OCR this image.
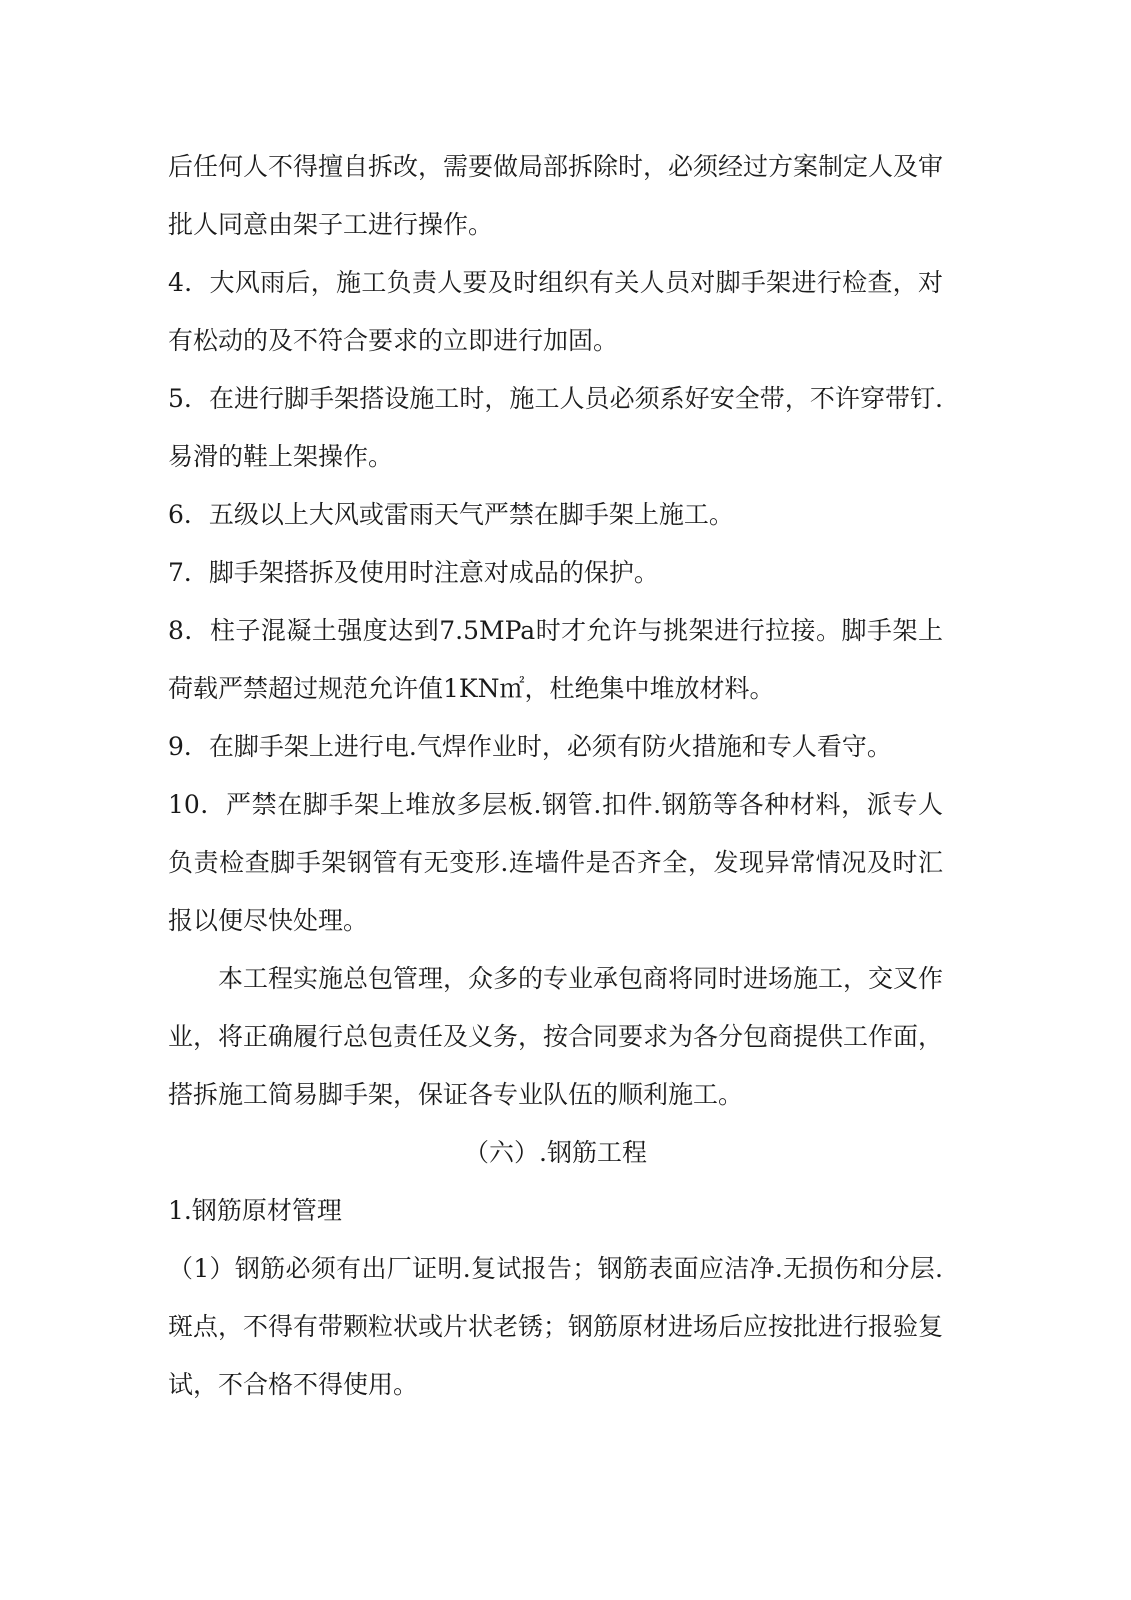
后任何人不得擅自拆改，需要做局部拆除时，必须经过方案制定人及审批人同意由架子工进行操作。

4．大风雨后，施工负责人要及时组织有关人员对脚手架进行检查，对有松动的及不符合要求的立即进行加固。

5．在进行脚手架搭设施工时，施工人员必须系好安全带，不许穿带钉.易滑的鞋上架操作。

6．五级以上大风或雷雨天气严禁在脚手架上施工。

7．脚手架搭拆及使用时注意对成品的保护。

8．柱子混凝土强度达到7.5MPa时才允许与挑架进行拉接。脚手架上荷载严禁超过规范允许值1KN㎡，杜绝集中堆放材料。

9．在脚手架上进行电.气焊作业时，必须有防火措施和专人看守。

10．严禁在脚手架上堆放多层板.钢管.扣件.钢筋等各种材料，派专人负责检查脚手架钢管有无变形.连墙件是否齐全，发现异常情况及时汇报以便尽快处理。

本工程实施总包管理，众多的专业承包商将同时进场施工，交叉作业，将正确履行总包责任及义务，按合同要求为各分包商提供工作面，搭拆施工简易脚手架，保证各专业队伍的顺利施工。

（六）.钢筋工程

1.钢筋原材管理

（1）钢筋必须有出厂证明.复试报告；钢筋表面应洁净.无损伤和分层.斑点，不得有带颗粒状或片状老锈；钢筋原材进场后应按批进行报验复试，不合格不得使用。
